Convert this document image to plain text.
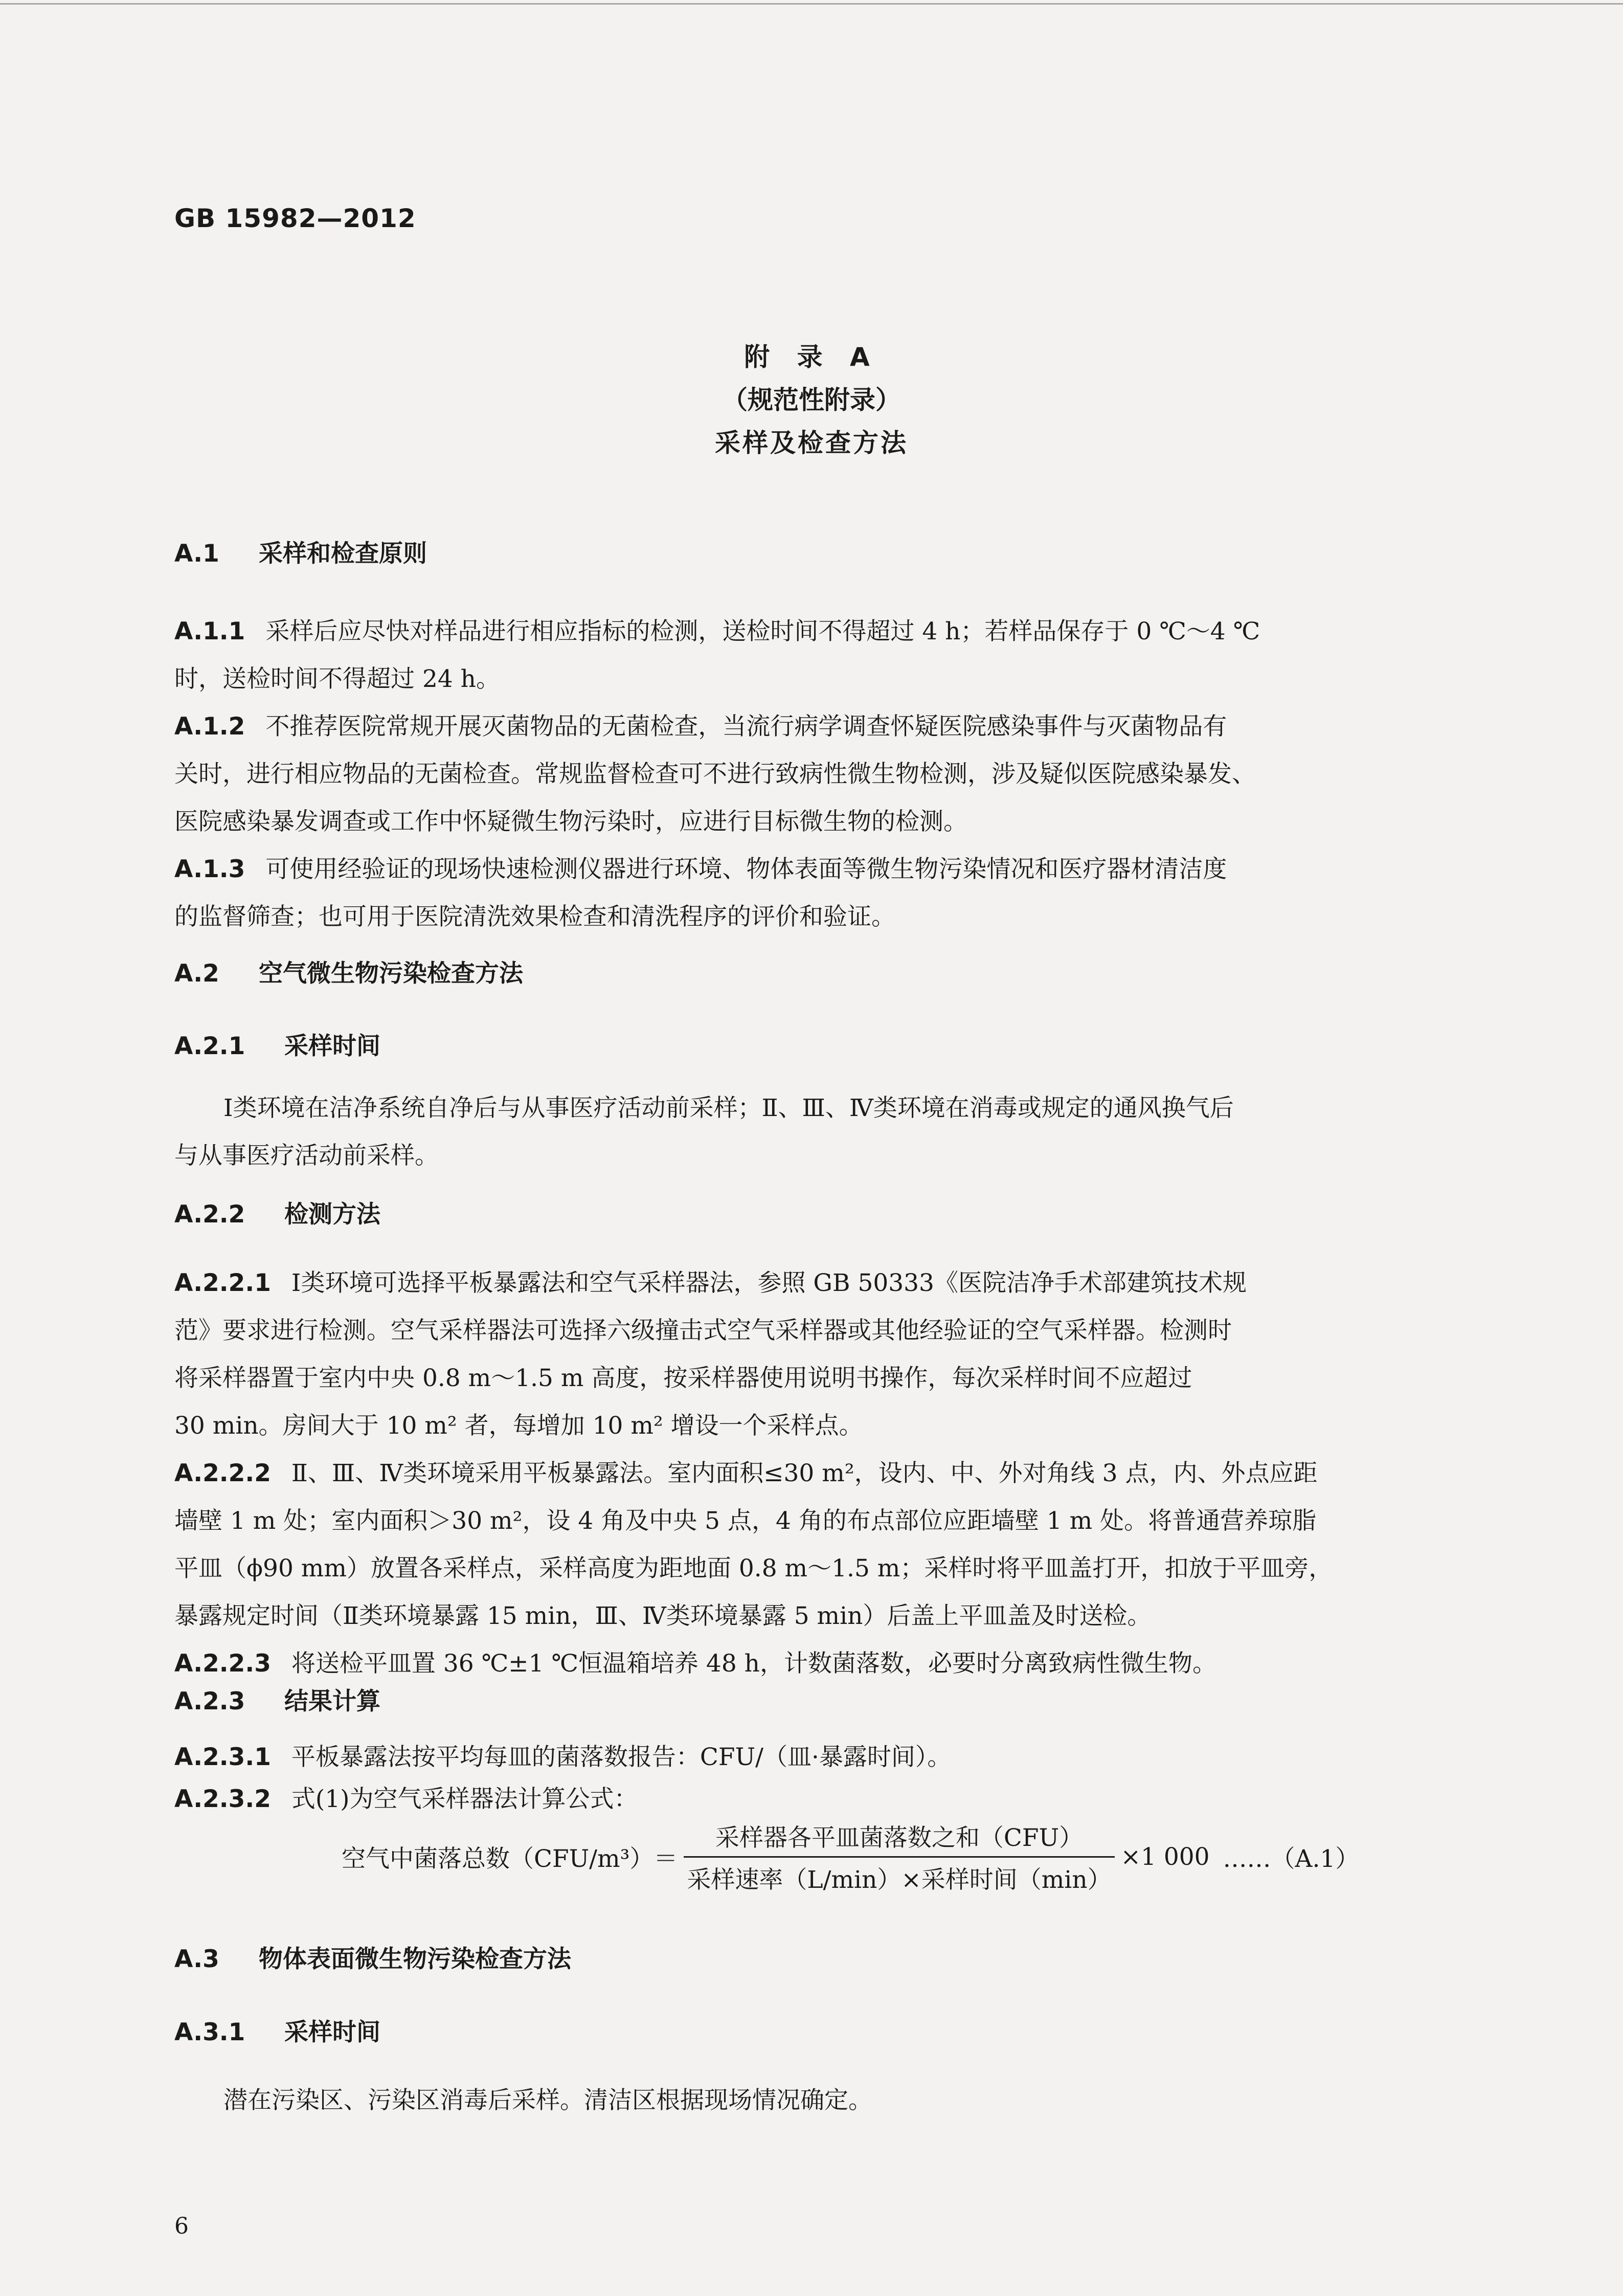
GB 15982—2012
附 录 A
（规范性附录）
采样及检查方法
A.1 采样和检查原则
A.1.1 采样后应尽快对样品进行相应指标的检测，送检时间不得超过 4 h；若样品保存于 0 ℃～4 ℃
时，送检时间不得超过 24 h。
A.1.2 不推荐医院常规开展灭菌物品的无菌检查，当流行病学调查怀疑医院感染事件与灭菌物品有
关时，进行相应物品的无菌检查。常规监督检查可不进行致病性微生物检测，涉及疑似医院感染暴发、
医院感染暴发调查或工作中怀疑微生物污染时，应进行目标微生物的检测。
A.1.3 可使用经验证的现场快速检测仪器进行环境、物体表面等微生物污染情况和医疗器材清洁度
的监督筛查；也可用于医院清洗效果检查和清洗程序的评价和验证。
A.2 空气微生物污染检查方法
A.2.1 采样时间
Ⅰ类环境在洁净系统自净后与从事医疗活动前采样；Ⅱ、Ⅲ、Ⅳ类环境在消毒或规定的通风换气后
与从事医疗活动前采样。
A.2.2 检测方法
A.2.2.1 Ⅰ类环境可选择平板暴露法和空气采样器法，参照 GB 50333《医院洁净手术部建筑技术规
范》要求进行检测。空气采样器法可选择六级撞击式空气采样器或其他经验证的空气采样器。检测时
将采样器置于室内中央 0.8 m～1.5 m 高度，按采样器使用说明书操作，每次采样时间不应超过
30 min。房间大于 10 m² 者，每增加 10 m² 增设一个采样点。
A.2.2.2 Ⅱ、Ⅲ、Ⅳ类环境采用平板暴露法。室内面积≤30 m²，设内、中、外对角线 3 点，内、外点应距
墙壁 1 m 处；室内面积＞30 m²，设 4 角及中央 5 点，4 角的布点部位应距墙壁 1 m 处。将普通营养琼脂
平皿（ϕ90 mm）放置各采样点，采样高度为距地面 0.8 m～1.5 m；采样时将平皿盖打开，扣放于平皿旁，
暴露规定时间（Ⅱ类环境暴露 15 min，Ⅲ、Ⅳ类环境暴露 5 min）后盖上平皿盖及时送检。
A.2.2.3 将送检平皿置 36 ℃±1 ℃恒温箱培养 48 h，计数菌落数，必要时分离致病性微生物。
A.2.3 结果计算
A.2.3.1 平板暴露法按平均每皿的菌落数报告：CFU/（皿·暴露时间）。
A.2.3.2 式(1)为空气采样器法计算公式：
空气中菌落总数$(CFU/m^3)= \frac{\text{采样器各平皿菌落数之和（CFU）}}{\text{采样速率（L/min）×采样时间（min）}} \times 1$ 000 ……（A.1）
A.3 物体表面微生物污染检查方法
A.3.1 采样时间
潜在污染区、污染区消毒后采样。清洁区根据现场情况确定。
6
